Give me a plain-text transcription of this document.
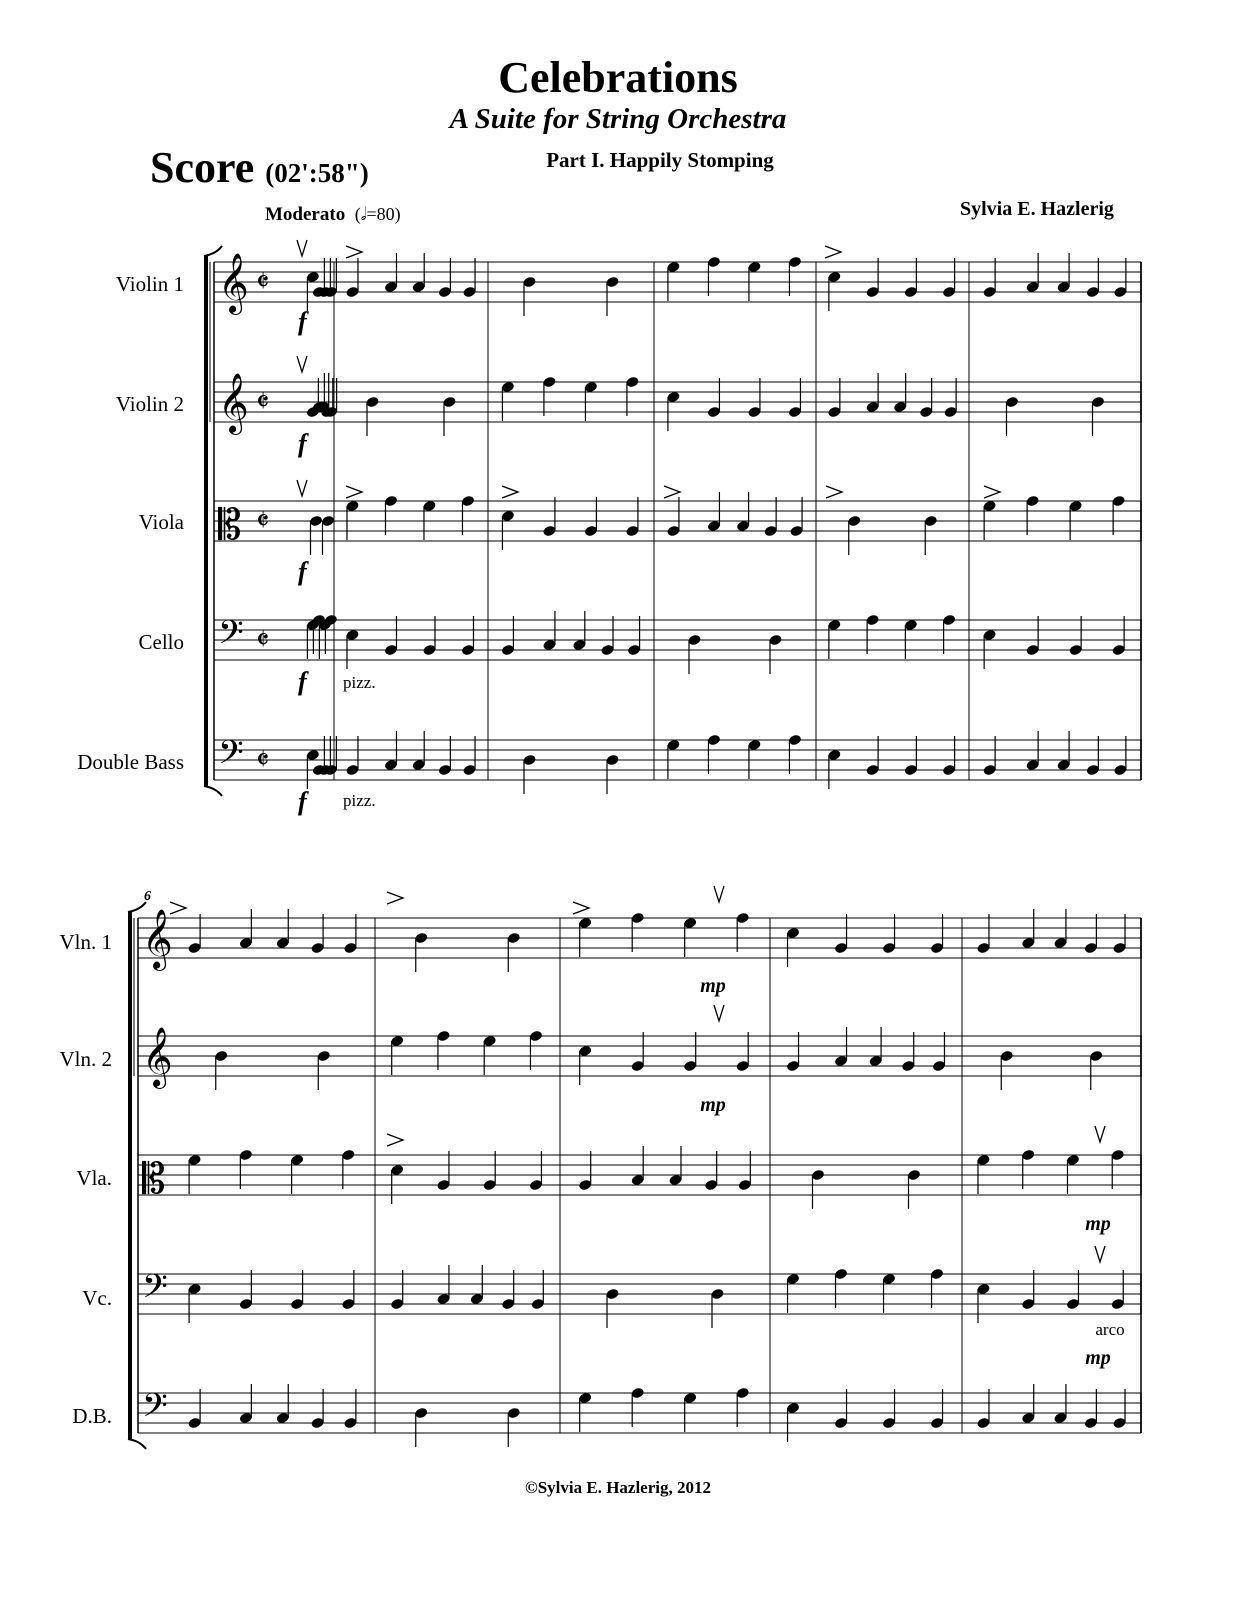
Celebrations
A Suite for String Orchestra
Score (02':58")	Part I. Happily Stomping
Moderato (𝅗𝅥=80)	Sylvia E. Hazlerig
Violin 1
Violin 2
Viola
Cello
Double Bass
Vln. 1
Vln. 2
Vla.
Vc.
D.B.
𝄞 𝄵
𝄞 𝄵
𝄡 𝄵
𝄢 𝄵
𝄢 𝄵
𝄞
𝄞
𝄡
𝄢
𝄢
6
f
f
f
f
f
pizz.
pizz.
mp
mp
mp
arco
mp
©Sylvia E. Hazlerig, 2012
